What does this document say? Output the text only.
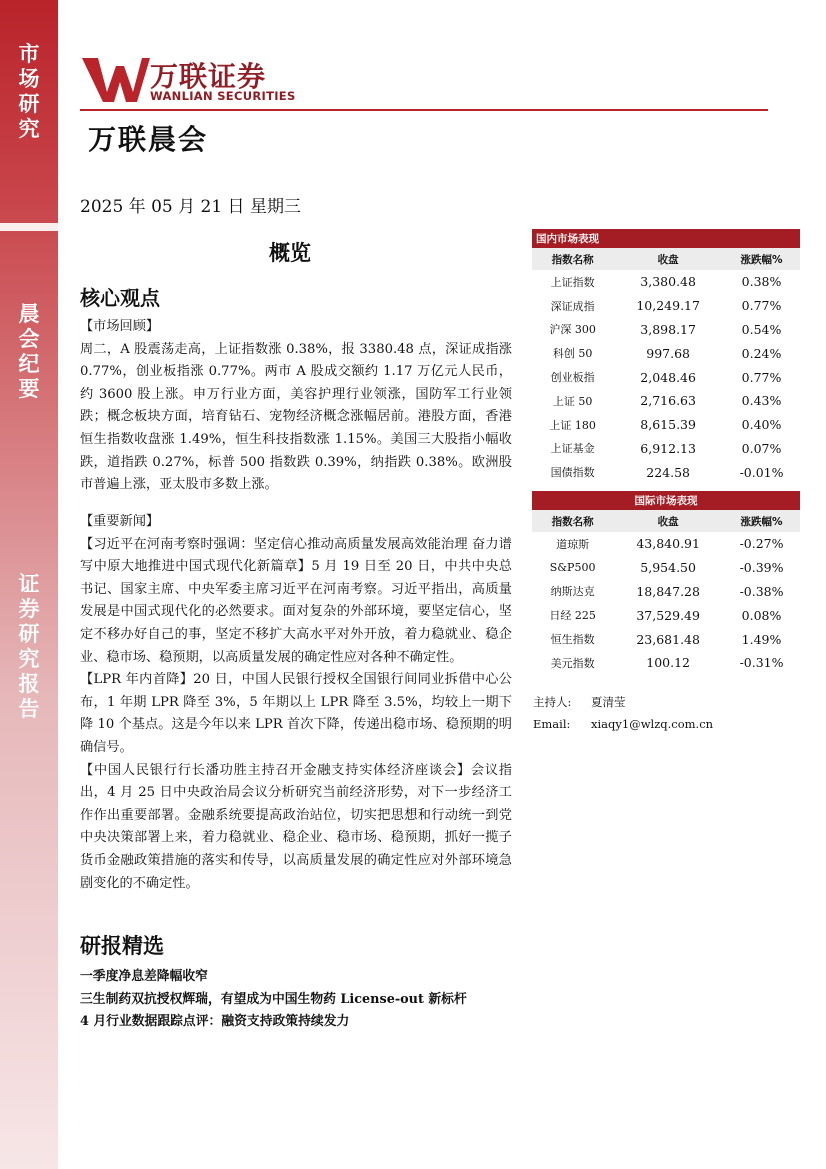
市
场
研
究
晨
会
纪
要
证
券
研
究
报
告
万联证券
WANLIAN SECURITIES
万联晨会
2025 年 05 月 21 日 星期三
概览
核心观点

【市场回顾】

周二，A 股震荡走高，上证指数涨 0.38%，报 3380.48 点，深证成指涨 0.77%，创业板指涨 0.77%。两市 A 股成交额约 1.17 万亿元人民币，约 3600 股上涨。申万行业方面，美容护理行业领涨，国防军工行业领跌；概念板块方面，培育钻石、宠物经济概念涨幅居前。港股方面，香港恒生指数收盘涨 1.49%，恒生科技指数涨 1.15%。美国三大股指小幅收跌，道指跌 0.27%，标普 500 指数跌 0.39%，纳指跌 0.38%。欧洲股市普遍上涨，亚太股市多数上涨。

【重要新闻】

【习近平在河南考察时强调：坚定信心推动高质量发展高效能治理 奋力谱写中原大地推进中国式现代化新篇章】5 月 19 日至 20 日，中共中央总书记、国家主席、中央军委主席习近平在河南考察。习近平指出，高质量发展是中国式现代化的必然要求。面对复杂的外部环境，要坚定信心，坚定不移办好自己的事，坚定不移扩大高水平对外开放，着力稳就业、稳企业、稳市场、稳预期，以高质量发展的确定性应对各种不确定性。

【LPR 年内首降】20 日，中国人民银行授权全国银行间同业拆借中心公布，1 年期 LPR 降至 3%，5 年期以上 LPR 降至 3.5%，均较上一期下降 10 个基点。这是今年以来 LPR 首次下降，传递出稳市场、稳预期的明确信号。

【中国人民银行行长潘功胜主持召开金融支持实体经济座谈会】会议指出，4 月 25 日中央政治局会议分析研究当前经济形势，对下一步经济工作作出重要部署。金融系统要提高政治站位，切实把思想和行动统一到党中央决策部署上来，着力稳就业、稳企业、稳市场、稳预期，抓好一揽子货币金融政策措施的落实和传导，以高质量发展的确定性应对外部环境急剧变化的不确定性。

研报精选
一季度净息差降幅收窄
三生制药双抗授权辉瑞，有望成为中国生物药 License-out 新标杆
4 月行业数据跟踪点评：融资支持政策持续发力
国内市场表现		
指数名称	收盘	涨跌幅%
上证指数	3,380.48	0.38%
深证成指	10,249.17	0.77%
沪深 300	3,898.17	0.54%
科创 50	997.68	0.24%
创业板指	2,048.46	0.77%
上证 50	2,716.63	0.43%
上证 180	8,615.39	0.40%
上证基金	6,912.13	0.07%
国债指数	224.58	-0.01%
国际市场表现		
指数名称	收盘	涨跌幅%
道琼斯	43,840.91	-0.27%
S&P500	5,954.50	-0.39%
纳斯达克	18,847.28	-0.38%
日经 225	37,529.49	0.08%
恒生指数	23,681.48	1.49%
美元指数	100.12	-0.31%
主持人: 夏清莹
Email: xiaqy1@wlzq.com.cn
